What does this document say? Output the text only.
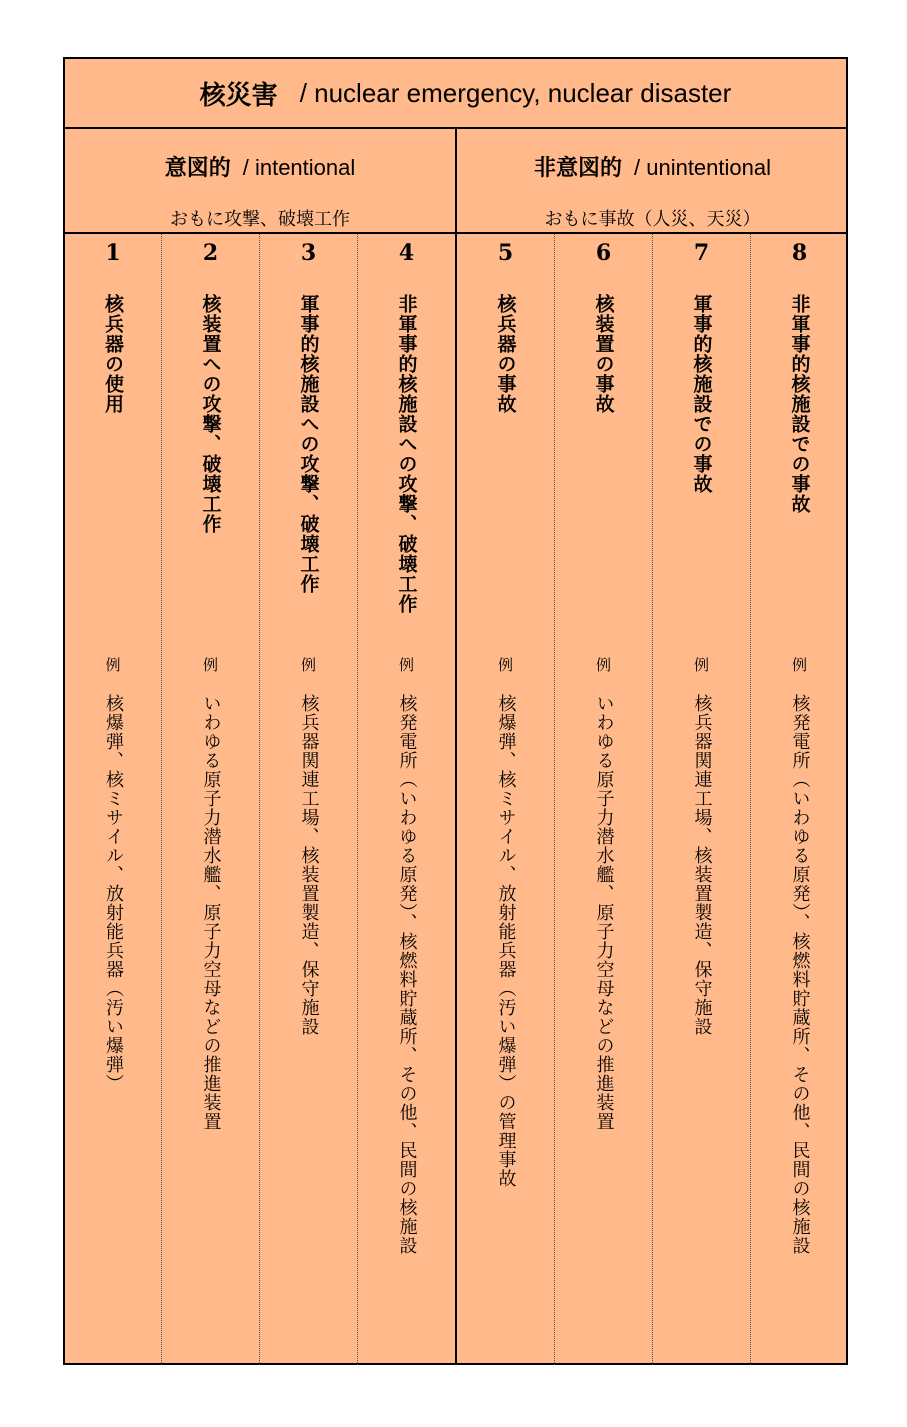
核災害 / nuclear emergency, nuclear disaster
意図的 / intentional
おもに攻撃、破壊工作
非意図的 / unintentional
おもに事故（人災、天災）
1
核兵器の使用
例
核爆弾、核ミサイル、放射能兵器（汚い爆弾）
2
核装置への攻撃、破壊工作
例
いわゆる原子力潜水艦、原子力空母などの推進装置
3
軍事的核施設への攻撃、破壊工作
例
核兵器関連工場、核装置製造、保守施設
4
非軍事的核施設への攻撃、破壊工作
例
核発電所（いわゆる原発）、核燃料貯蔵所、その他、民間の核施設
5
核兵器の事故
例
核爆弾、核ミサイル、放射能兵器（汚い爆弾）の管理事故
6
核装置の事故
例
いわゆる原子力潜水艦、原子力空母などの推進装置
7
軍事的核施設での事故
例
核兵器関連工場、核装置製造、保守施設
8
非軍事的核施設での事故
例
核発電所（いわゆる原発）、核燃料貯蔵所、その他、民間の核施設
